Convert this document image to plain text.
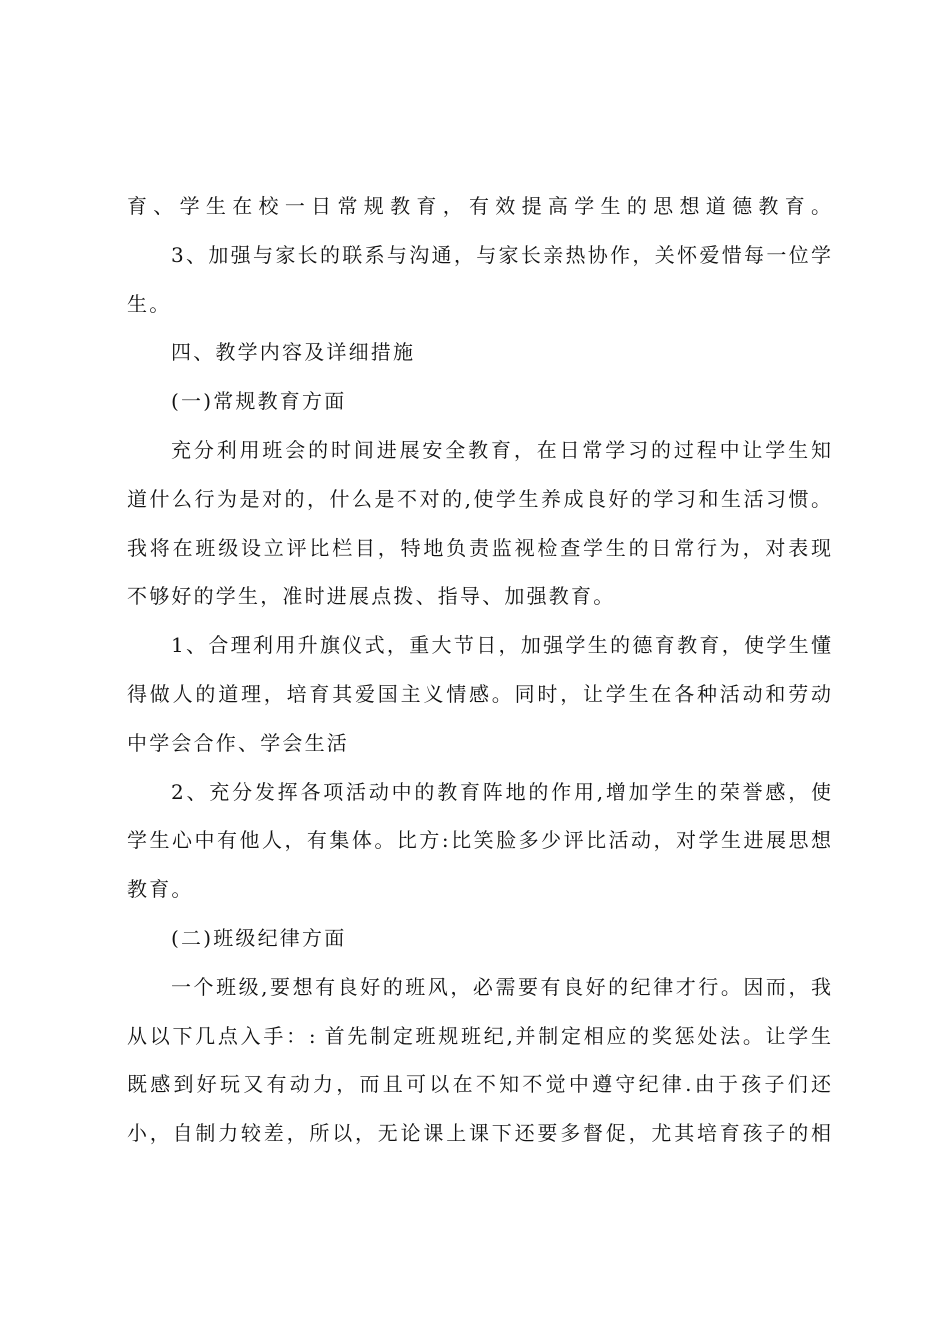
育、学生在校一日常规教育，有效提高学生的思想道德教育。
3、加强与家长的联系与沟通，与家长亲热协作，关怀爱惜每一位学
生。
四、教学内容及详细措施
(一)常规教育方面
充分利用班会的时间进展安全教育，在日常学习的过程中让学生知
道什么行为是对的，什么是不对的,使学生养成良好的学习和生活习惯。
我将在班级设立评比栏目，特地负责监视检查学生的日常行为，对表现
不够好的学生，准时进展点拨、指导、加强教育。
1、合理利用升旗仪式，重大节日，加强学生的德育教育，使学生懂
得做人的道理，培育其爱国主义情感。同时，让学生在各种活动和劳动
中学会合作、学会生活
2、充分发挥各项活动中的教育阵地的作用,增加学生的荣誉感，使
学生心中有他人，有集体。比方:比笑脸多少评比活动，对学生进展思想
教育。
(二)班级纪律方面
一个班级,要想有良好的班风，必需要有良好的纪律才行。因而，我
从以下几点入手：: 首先制定班规班纪,并制定相应的奖惩处法。让学生
既感到好玩又有动力，而且可以在不知不觉中遵守纪律.由于孩子们还
小，自制力较差，所以，无论课上课下还要多督促，尤其培育孩子的相
